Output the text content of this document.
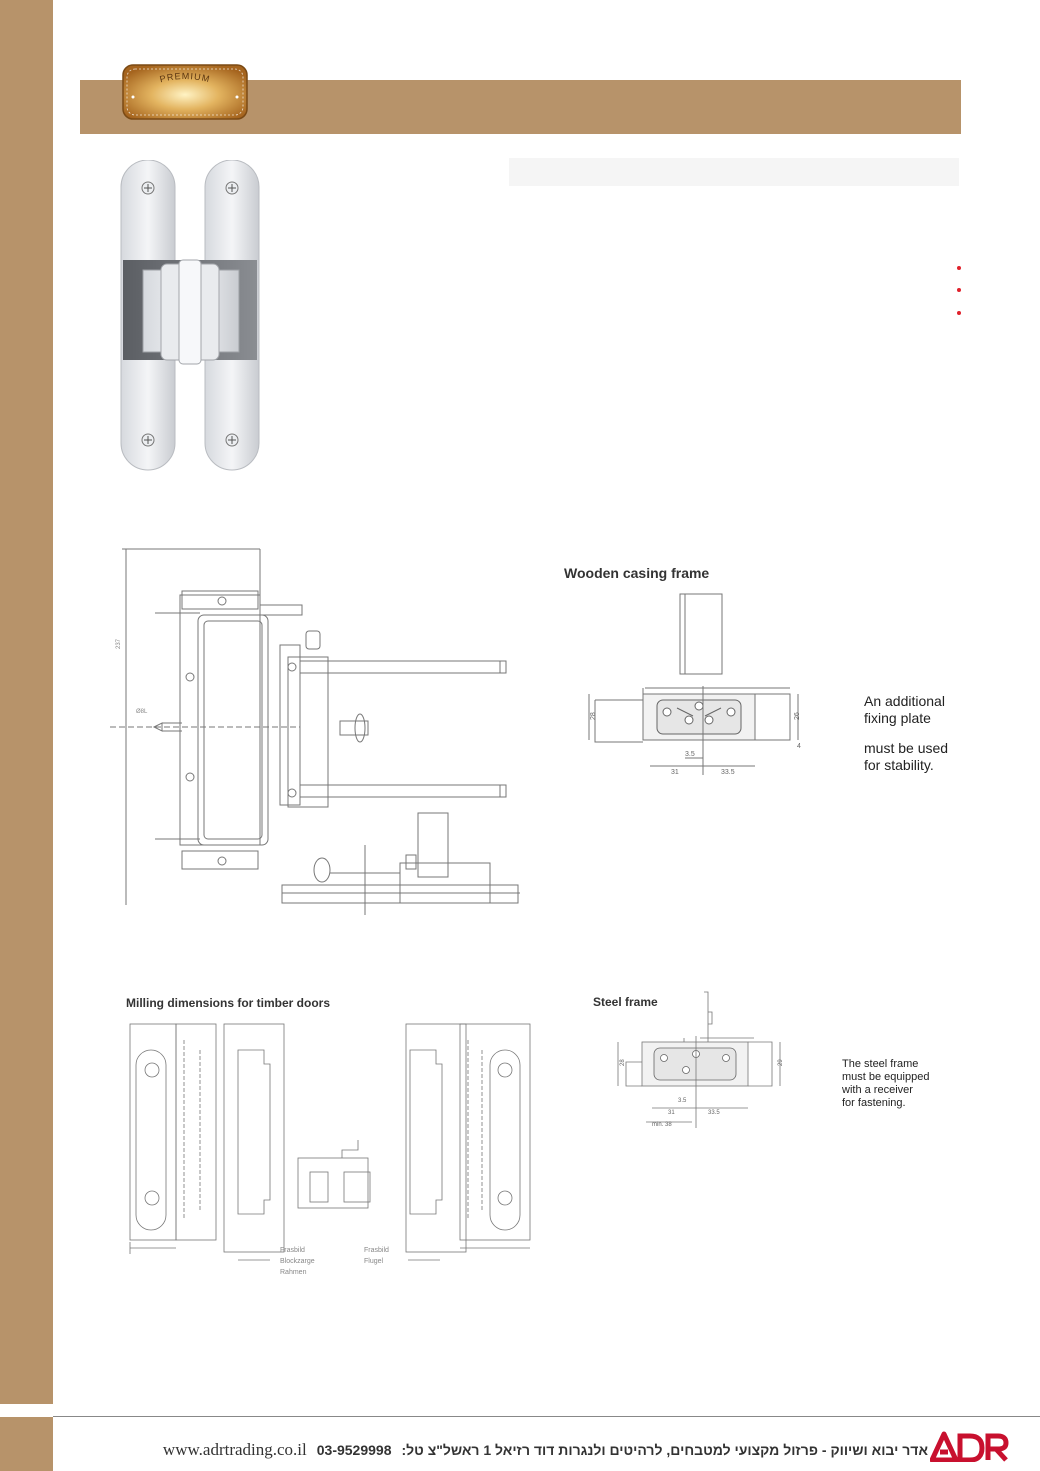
PREMIUM
237
Ø8L
Wooden casing frame
28	26
3.5
31	33.5
4
An additional
fixing plate
must be used
for stability.
Milling dimensions for timber doors
Frasbild
Blockzarge
Rahmen
Frasbild
Flugel
Steel frame
28	29
31	33.5
3.5
min. 38
The steel frame
must be equipped
with a receiver
for fastening.
www.adrtrading.co.il 03-9529998 אדר יבוא ושיווק - פרזול מקצועי למטבחים, לרהיטים ולנגרות דוד רזיאל 1 ראשל"צ טל:
